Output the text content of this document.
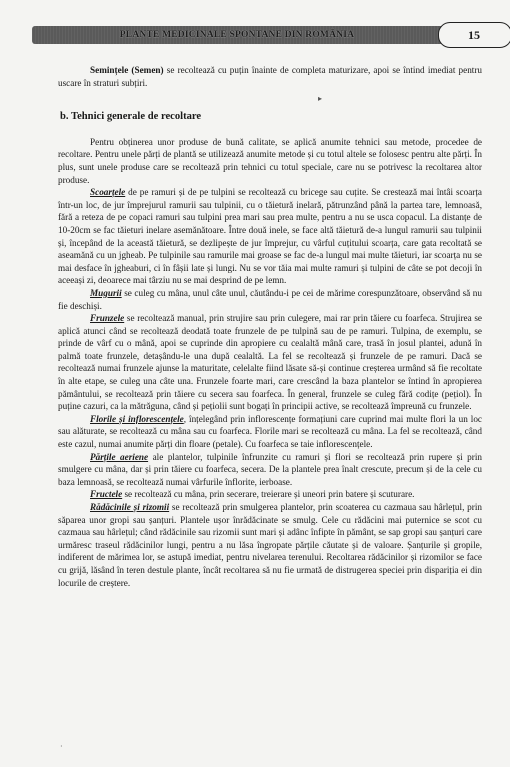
PLANTE MEDICINALE SPONTANE DIN ROMÂNIA	15
▸

Semințele (Semen) se recoltează cu puțin înainte de completa maturizare, apoi se întind imediat pentru uscare în straturi subțiri.

b. Tehnici generale de recoltare

Pentru obținerea unor produse de bună calitate, se aplică anumite tehnici sau metode, procedee de recoltare. Pentru unele părți de plantă se utilizează anumite metode și cu totul altele se folosesc pentru alte părți. În plus, sunt unele produse care se recoltează prin tehnici cu totul speciale, care nu se potrivesc la recoltarea altor produse.

Scoarțele de pe ramuri și de pe tulpini se recoltează cu bricege sau cuțite. Se crestează mai întâi scoarța într-un loc, de jur împrejurul ramurii sau tulpinii, cu o tăietură inelară, pătrunzând până la partea tare, lemnoasă, fără a reteza de pe copaci ramuri sau tulpini prea mari sau prea multe, pentru a nu se usca copacul. La distanțe de 10-20cm se fac tăieturi inelare asemănătoare. Între două inele, se face altă tăietură de-a lungul ramurii sau tulpinii și, începând de la această tăietură, se dezlipește de jur împrejur, cu vârful cuțitului scoarța, care gata recoltată se aseamănă cu un jgheab. Pe tulpinile sau ramurile mai groase se fac de-a lungul mai multe tăieturi, iar scoarța nu se mai desface în jgheaburi, ci în fâșii late și lungi. Nu se vor tăia mai multe ramuri și tulpini de câte se pot decoji în aceeași zi, deoarece mai târziu nu se mai desprind de pe lemn.

Mugurii se culeg cu mâna, unul câte unul, căutându-i pe cei de mărime corespunzătoare, observând să nu fie deschiși.

Frunzele se recoltează manual, prin strujire sau prin culegere, mai rar prin tăiere cu foarfeca. Strujirea se aplică atunci când se recoltează deodată toate frunzele de pe tulpină sau de pe ramuri. Tulpina, de exemplu, se prinde de vârf cu o mână, apoi se cuprinde din apropiere cu cealaltă mână care, trasă în josul plantei, adună în palmă toate frunzele, detașându-le una după cealaltă. La fel se recoltează și frunzele de pe ramuri. Dacă se recoltează numai frunzele ajunse la maturitate, celelalte fiind lăsate să-și continue creșterea urmând să fie recoltate în alte etape, se culeg una câte una. Frunzele foarte mari, care crescând la baza plantelor se întind în apropierea pământului, se recoltează prin tăiere cu secera sau foarfeca. În general, frunzele se culeg fără codițe (pețiol). În puține cazuri, ca la mătrăguna, când și pețiolii sunt bogați în principii active, se recoltează împreună cu frunzele.

Florile și inflorescențele, înțelegând prin inflorescențe formațiuni care cuprind mai multe flori la un loc sau alăturate, se recoltează cu mâna sau cu foarfeca. Florile mari se recoltează cu mâna. La fel se recoltează, când este cazul, numai anumite părți din floare (petale). Cu foarfeca se taie inflorescențele.

Părțile aeriene ale plantelor, tulpinile înfrunzite cu ramuri și flori se recoltează prin rupere și prin smulgere cu mâna, dar și prin tăiere cu foarfeca, secera. De la plantele prea înalt crescute, precum și de la cele cu baza lemnoasă, se recoltează numai vârfurile înflorite, ierboase.

Fructele se recoltează cu mâna, prin secerare, treierare și uneori prin batere și scuturare.

Rădăcinile și rizomii se recoltează prin smulgerea plantelor, prin scoaterea cu cazmaua sau hârlețul, prin săparea unor gropi sau șanțuri. Plantele ușor înrădăcinate se smulg. Cele cu rădăcini mai puternice se scot cu cazmaua sau hârlețul; când rădăcinile sau rizomii sunt mari și adânc înfipte în pământ, se sap gropi sau șanțuri care urmăresc traseul rădăcinilor lungi, pentru a nu lăsa îngropate părțile căutate și de valoare. Șanțurile și gropile, indiferent de mărimea lor, se astupă imediat, pentru nivelarea terenului. Recoltarea rădăcinilor și rizomilor se face cu grijă, lăsând în teren destule plante, încât recoltarea să nu fie urmată de distrugerea speciei prin dispariția ei din locurile de creștere.

·
